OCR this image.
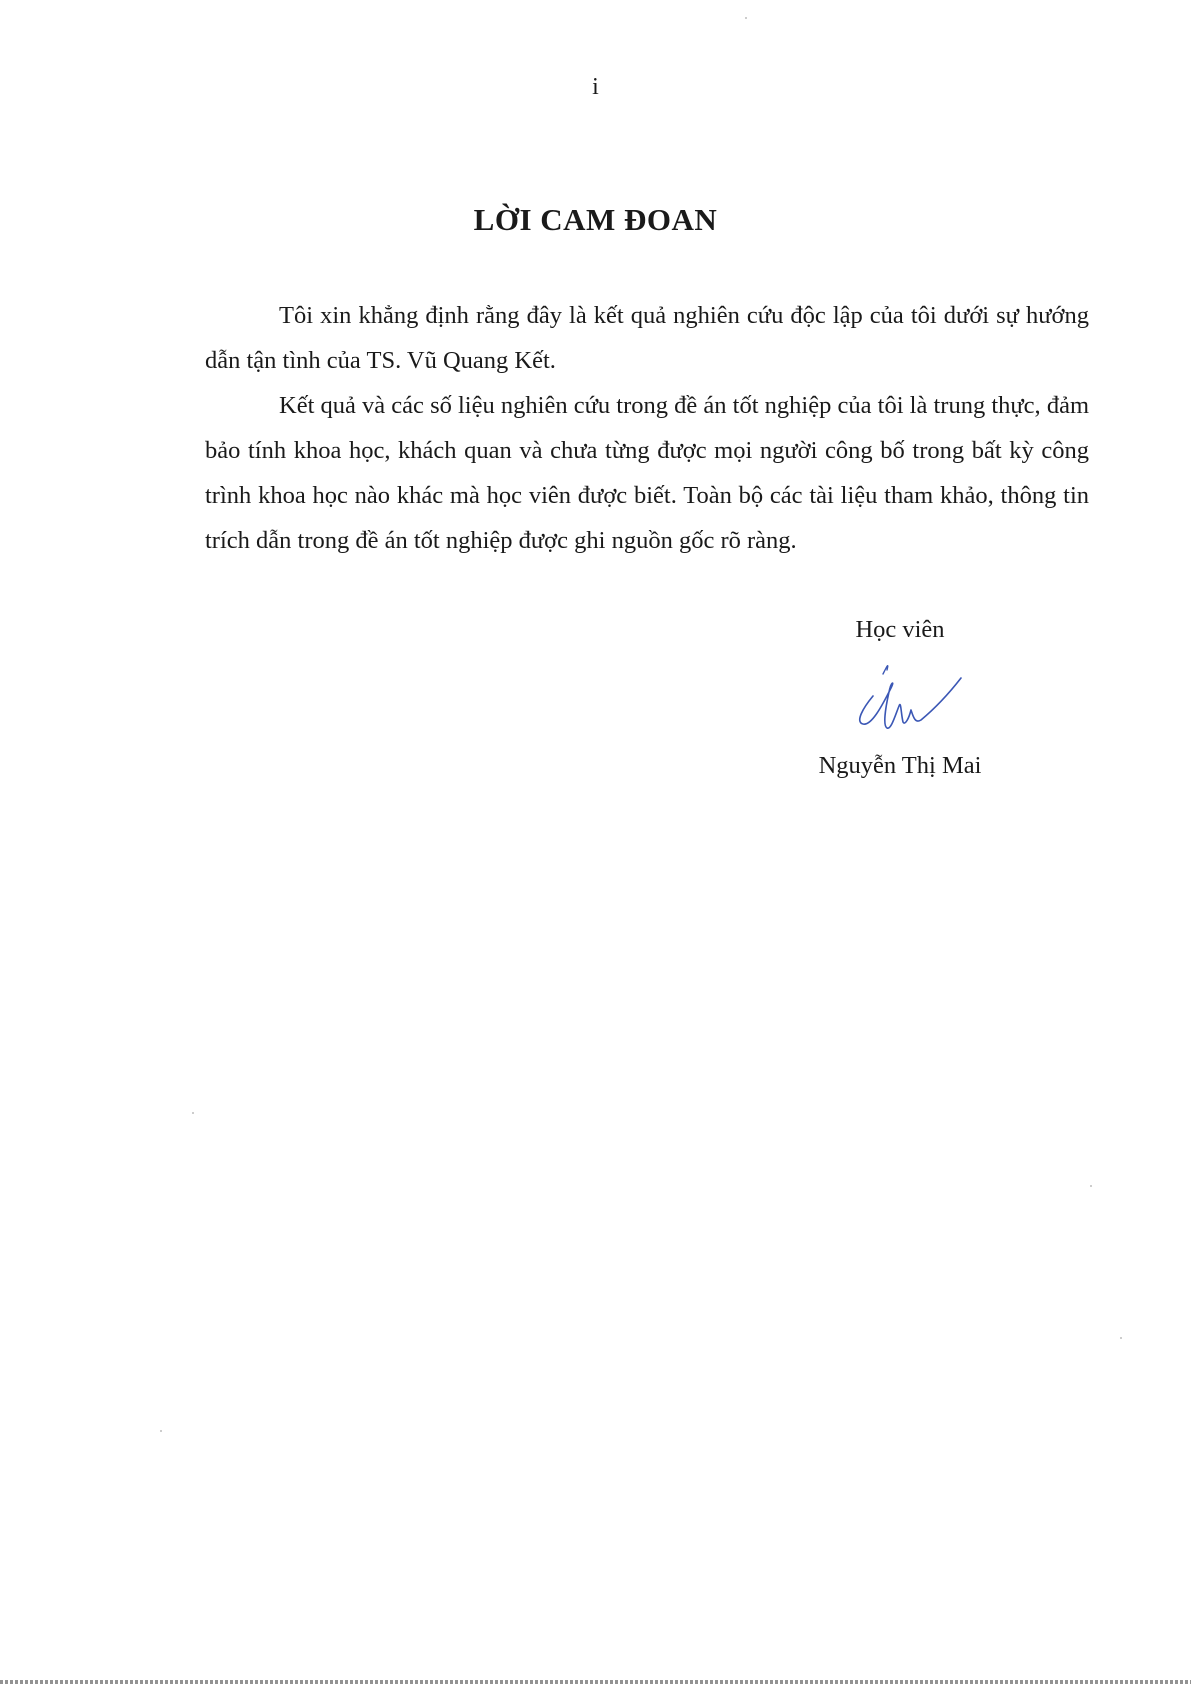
i
LỜI CAM ĐOAN

Tôi xin khẳng định rằng đây là kết quả nghiên cứu độc lập của tôi dưới sự hướng dẫn tận tình của TS. Vũ Quang Kết.

Kết quả và các số liệu nghiên cứu trong đề án tốt nghiệp của tôi là trung thực, đảm bảo tính khoa học, khách quan và chưa từng được mọi người công bố trong bất kỳ công trình khoa học nào khác mà học viên được biết. Toàn bộ các tài liệu tham khảo, thông tin trích dẫn trong đề án tốt nghiệp được ghi nguồn gốc rõ ràng.

Học viên
Nguyễn Thị Mai
